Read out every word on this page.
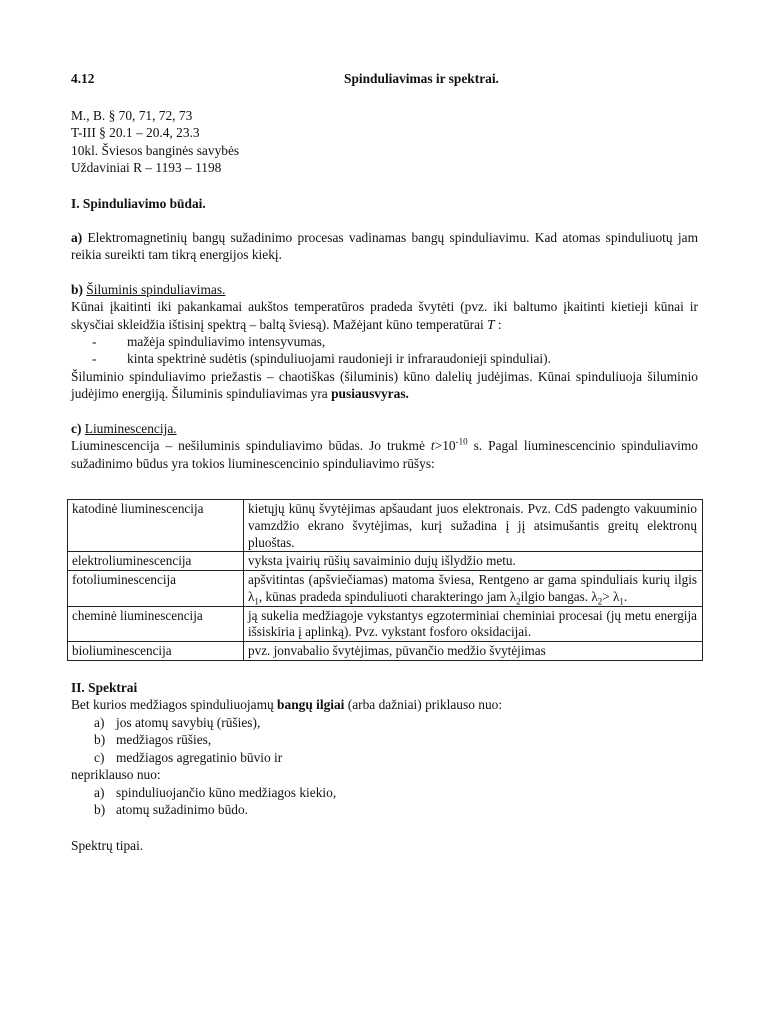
4.12	Spinduliavimas ir spektrai.
M., B. § 70, 71, 72, 73
T-III § 20.1 – 20.4, 23.3
10kl. Šviesos banginės savybės
Uždaviniai R – 1193 – 1198
I. Spinduliavimo būdai.

a) Elektromagnetinių bangų sužadinimo procesas vadinamas bangų spinduliavimu. Kad atomas spinduliuotų jam reikia sureikti tam tikrą energijos kiekį.

b) Šiluminis spinduliavimas.

Kūnai įkaitinti iki pakankamai aukštos temperatūros pradeda švytėti (pvz. iki baltumo įkaitinti kietieji kūnai ir skysčiai skleidžia ištisinį spektrą – baltą šviesą). Mažėjant kūno temperatūrai T :

- mažėja spinduliavimo intensyvumas,
- kinta spektrinė sudėtis (spinduliuojami raudonieji ir infraraudonieji spinduliai).

Šiluminio spinduliavimo priežastis – chaotiškas (šiluminis) kūno dalelių judėjimas. Kūnai spinduliuoja šiluminio judėjimo energiją. Šiluminis spinduliavimas yra pusiausvyras.

c) Liuminescencija.

Liuminescencija – nešiluminis spinduliavimo būdas. Jo trukmė $t>10^{-10}$ s. Pagal liuminescencinio spinduliavimo sužadinimo būdus yra tokios liuminescencinio spinduliavimo rūšys:

katodinė liuminescencija	kietųjų kūnų švytėjimas apšaudant juos elektronais. Pvz. CdS padengto vakuuminio vamzdžio ekrano švytėjimas, kurį sužadina į jį atsimušantis greitų elektronų pluoštas.
elektroliuminescencija	vyksta įvairių rūšių savaiminio dujų išlydžio metu.
fotoliuminescencija	apšvitintas (apšviečiamas) matoma šviesa, Rentgeno ar gama spinduliais kurių ilgis $\lambda_1$, kūnas pradeda spinduliuoti charakteringo jam $\lambda_2ilgio$ bangas. $\lambda_2> \lambda_1$.
cheminė liuminescencija	ją sukelia medžiagoje vykstantys egzoterminiai cheminiai procesai (jų metu energija išsiskiria į aplinką). Pvz. vykstant fosforo oksidacijai.
bioliuminescencija	pvz. jonvabalio švytėjimas, pūvančio medžio švytėjimas
II. Spektrai

Bet kurios medžiagos spinduliuojamų bangų ilgiai (arba dažniai) priklauso nuo:

a) jos atomų savybių (rūšies),
b) medžiagos rūšies,
c) medžiagos agregatinio būvio ir
nepriklauso nuo:
a) spinduliuojančio kūno medžiagos kiekio,
b) atomų sužadinimo būdo.
Spektrų tipai.
